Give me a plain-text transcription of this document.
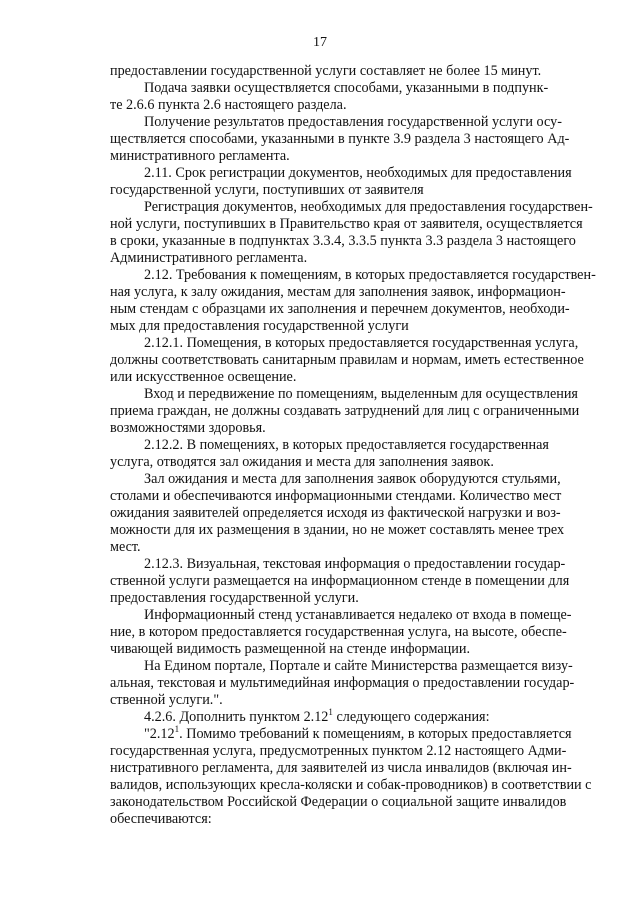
17
предоставлении государственной услуги составляет не более 15 минут.
Подача заявки осуществляется способами, указанными в подпунк-
те 2.6.6 пункта 2.6 настоящего раздела.
Получение результатов предоставления государственной услуги осу-
ществляется способами, указанными в пункте 3.9 раздела 3 настоящего Ад-
министративного регламента.
2.11. Срок регистрации документов, необходимых для предоставления
государственной услуги, поступивших от заявителя
Регистрация документов, необходимых для предоставления государствен-
ной услуги, поступивших в Правительство края от заявителя, осуществляется
в сроки, указанные в подпунктах 3.3.4, 3.3.5 пункта 3.3 раздела 3 настоящего
Административного регламента.
2.12. Требования к помещениям, в которых предоставляется государствен-
ная услуга, к залу ожидания, местам для заполнения заявок, информацион-
ным стендам с образцами их заполнения и перечнем документов, необходи-
мых для предоставления государственной услуги
2.12.1. Помещения, в которых предоставляется государственная услуга,
должны соответствовать санитарным правилам и нормам, иметь естественное
или искусственное освещение.
Вход и передвижение по помещениям, выделенным для осуществления
приема граждан, не должны создавать затруднений для лиц с ограниченными
возможностями здоровья.
2.12.2. В помещениях, в которых предоставляется государственная
услуга, отводятся зал ожидания и места для заполнения заявок.
Зал ожидания и места для заполнения заявок оборудуются стульями,
столами и обеспечиваются информационными стендами. Количество мест
ожидания заявителей определяется исходя из фактической нагрузки и воз-
можности для их размещения в здании, но не может составлять менее трех
мест.
2.12.3. Визуальная, текстовая информация о предоставлении государ-
ственной услуги размещается на информационном стенде в помещении для
предоставления государственной услуги.
Информационный стенд устанавливается недалеко от входа в помеще-
ние, в котором предоставляется государственная услуга, на высоте, обеспе-
чивающей видимость размещенной на стенде информации.
На Едином портале, Портале и сайте Министерства размещается визу-
альная, текстовая и мультимедийная информация о предоставлении государ-
ственной услуги.".
4.2.6. Дополнить пунктом 2.12$^1$ следующего содержания:
"2.12$^1$. Помимо требований к помещениям, в которых предоставляется
государственная услуга, предусмотренных пунктом 2.12 настоящего Адми-
нистративного регламента, для заявителей из числа инвалидов (включая ин-
валидов, использующих кресла-коляски и собак-проводников) в соответствии с
законодательством Российской Федерации о социальной защите инвалидов
обеспечиваются:
